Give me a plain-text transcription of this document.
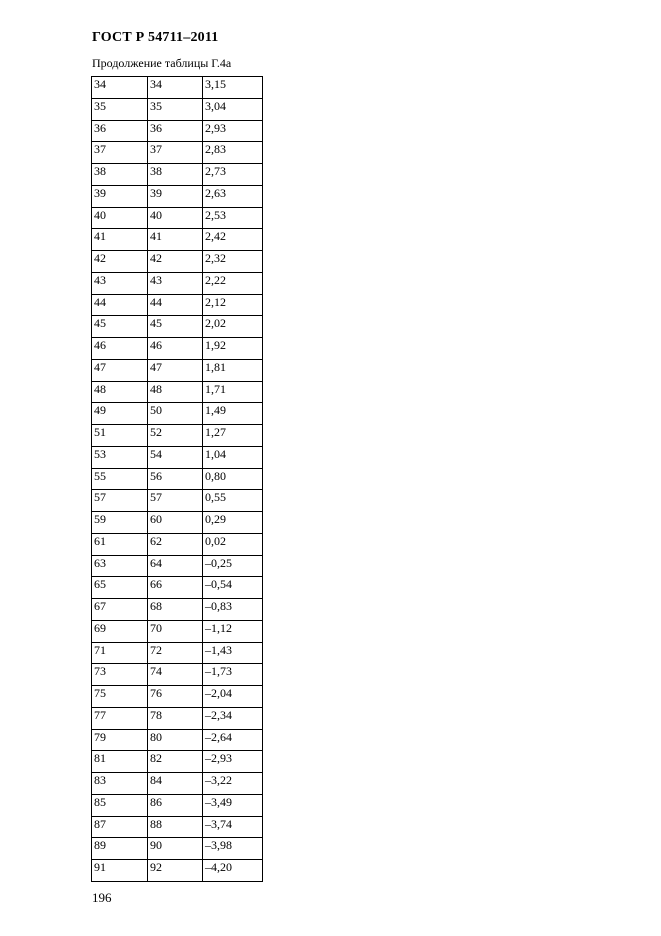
ГОСТ Р 54711–2011
Продолжение таблицы Г.4а
34	34	3,15
35	35	3,04
36	36	2,93
37	37	2,83
38	38	2,73
39	39	2,63
40	40	2,53
41	41	2,42
42	42	2,32
43	43	2,22
44	44	2,12
45	45	2,02
46	46	1,92
47	47	1,81
48	48	1,71
49	50	1,49
51	52	1,27
53	54	1,04
55	56	0,80
57	57	0,55
59	60	0,29
61	62	0,02
63	64	–0,25
65	66	–0,54
67	68	–0,83
69	70	–1,12
71	72	–1,43
73	74	–1,73
75	76	–2,04
77	78	–2,34
79	80	–2,64
81	82	–2,93
83	84	–3,22
85	86	–3,49
87	88	–3,74
89	90	–3,98
91	92	–4,20
196
